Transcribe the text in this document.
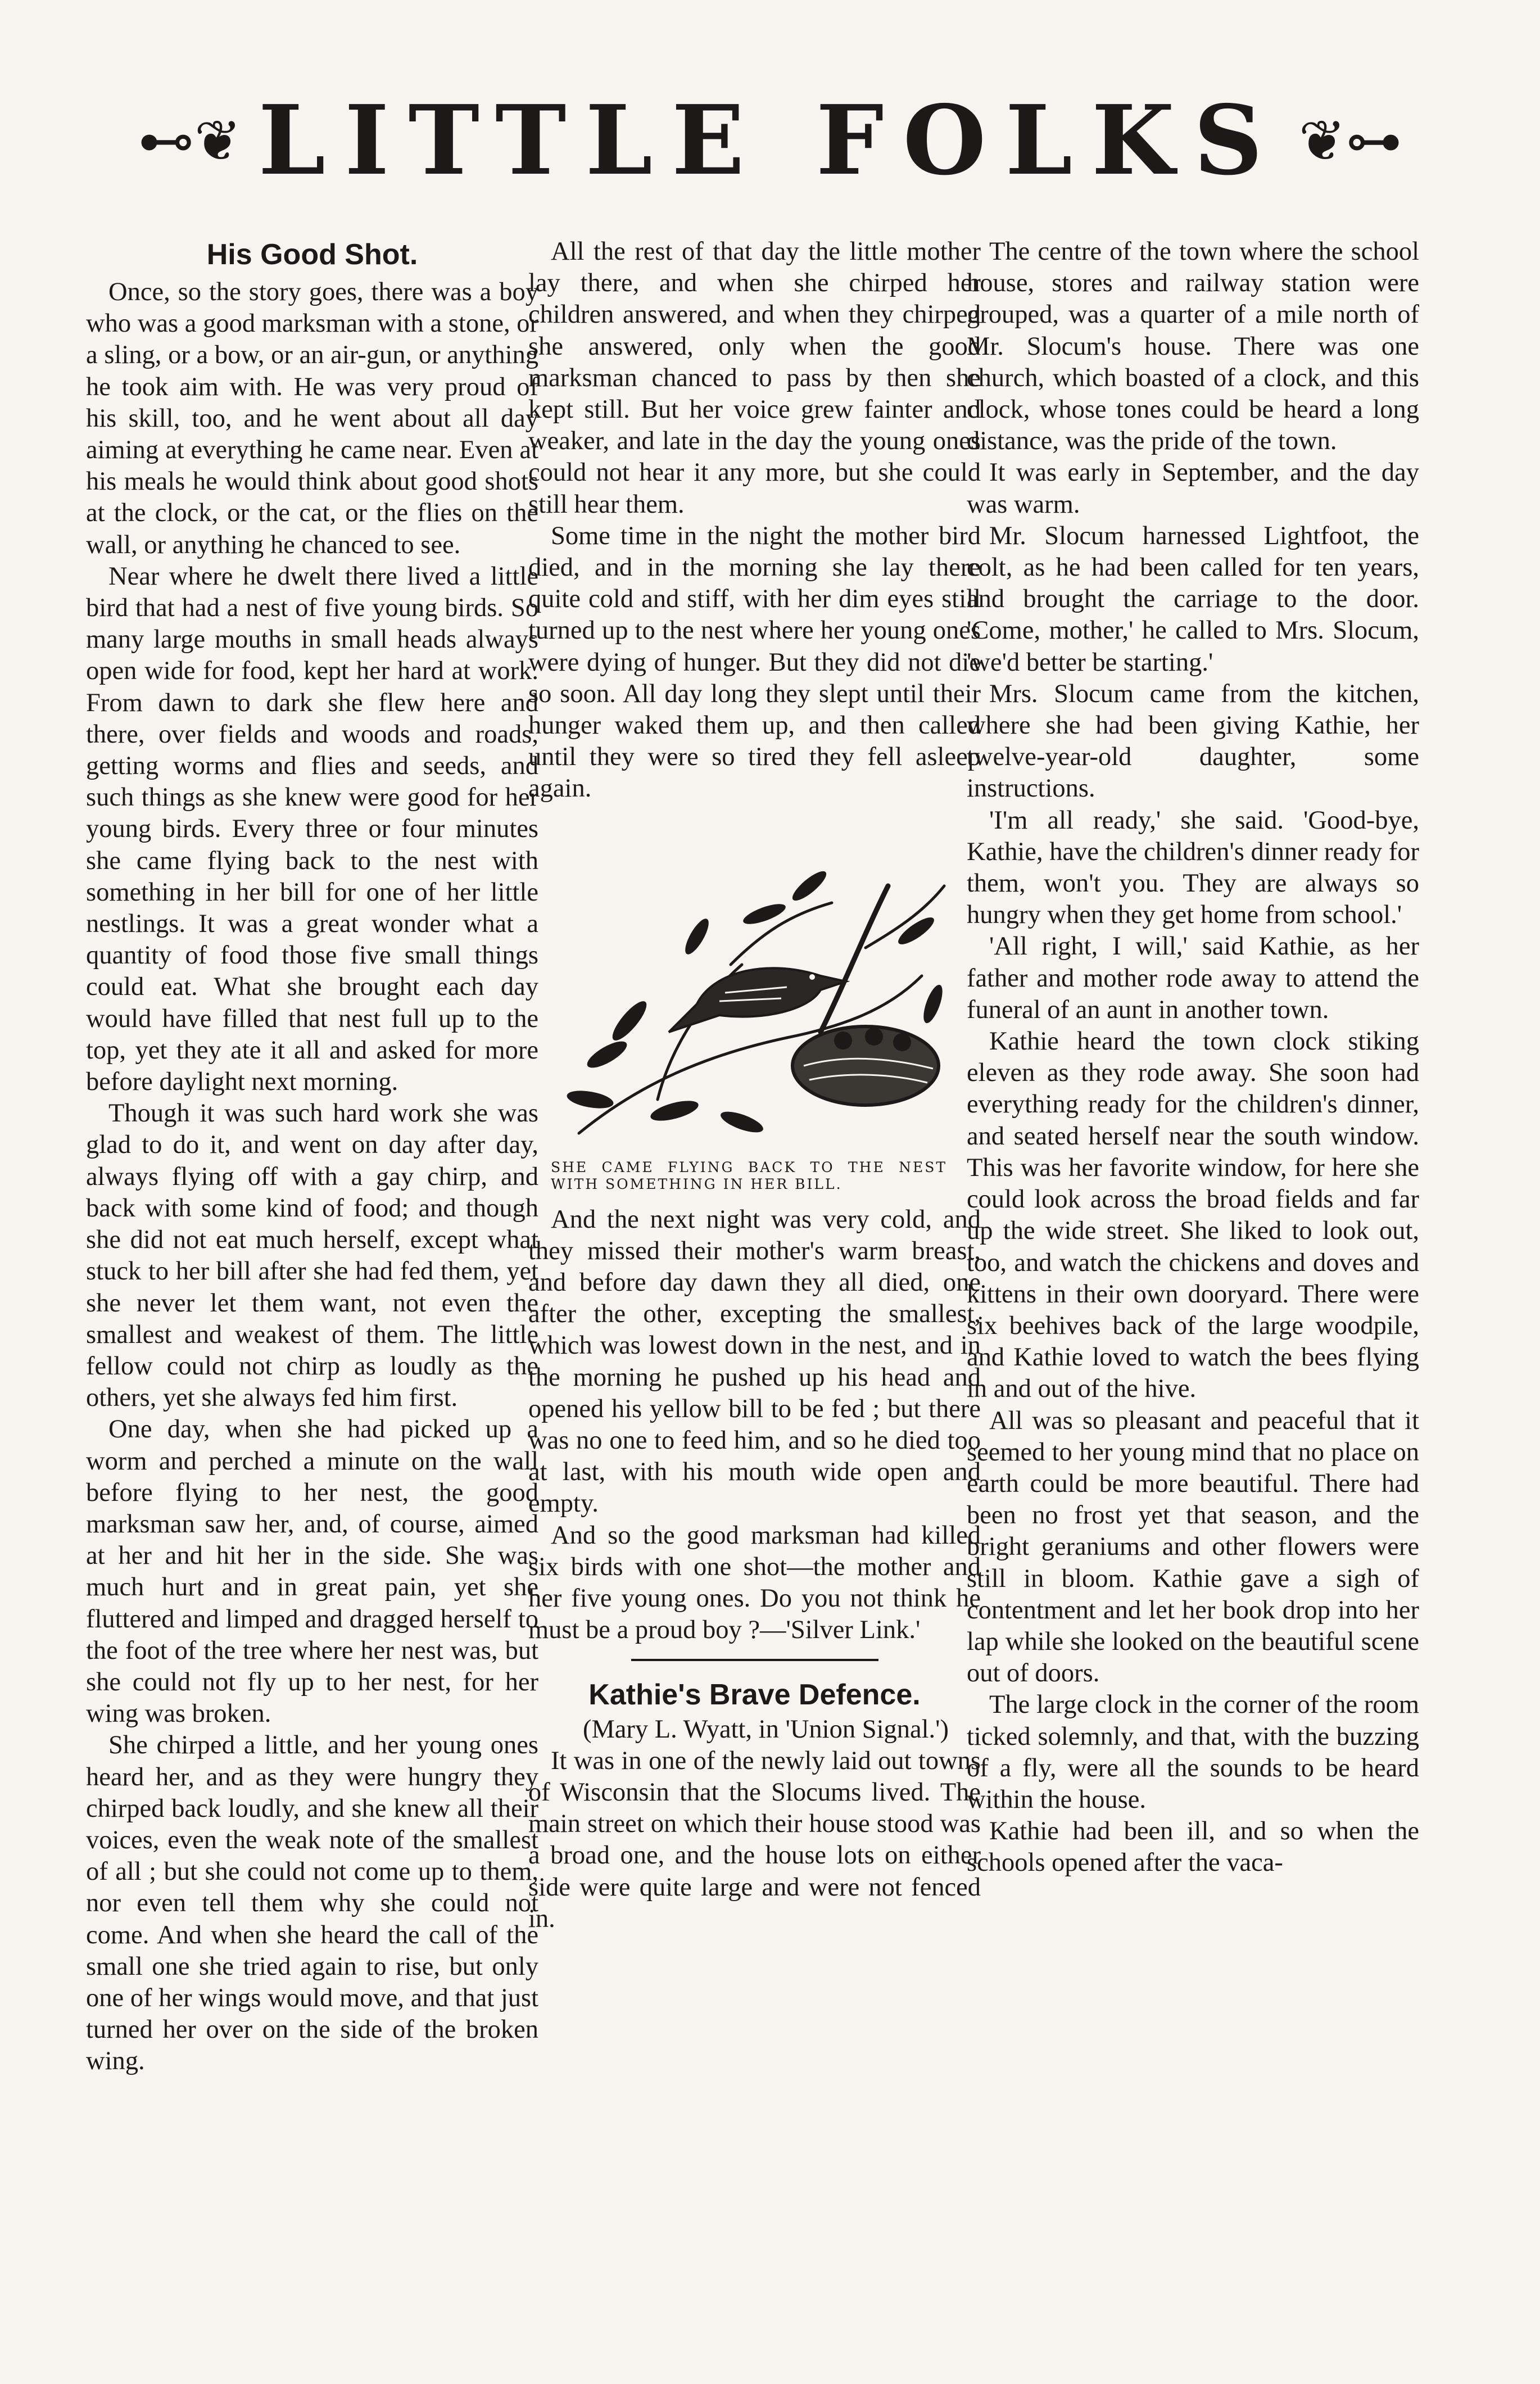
⊷❦ LITTLE FOLKS ❦⊶
His Good Shot.

Once, so the story goes, there was a boy who was a good marksman with a stone, or a sling, or a bow, or an air-gun, or anything he took aim with. He was very proud of his skill, too, and he went about all day aiming at everything he came near. Even at his meals he would think about good shots at the clock, or the cat, or the flies on the wall, or anything he chanced to see.

Near where he dwelt there lived a little bird that had a nest of five young birds. So many large mouths in small heads always open wide for food, kept her hard at work. From dawn to dark she flew here and there, over fields and woods and roads, getting worms and flies and seeds, and such things as she knew were good for her young birds. Every three or four minutes she came flying back to the nest with something in her bill for one of her little nestlings. It was a great wonder what a quantity of food those five small things could eat. What she brought each day would have filled that nest full up to the top, yet they ate it all and asked for more before daylight next morning.

Though it was such hard work she was glad to do it, and went on day after day, always flying off with a gay chirp, and back with some kind of food; and though she did not eat much herself, except what stuck to her bill after she had fed them, yet she never let them want, not even the smallest and weakest of them. The little fellow could not chirp as loudly as the others, yet she always fed him first.

One day, when she had picked up a worm and perched a minute on the wall before flying to her nest, the good marksman saw her, and, of course, aimed at her and hit her in the side. She was much hurt and in great pain, yet she fluttered and limped and dragged herself to the foot of the tree where her nest was, but she could not fly up to her nest, for her wing was broken.

She chirped a little, and her young ones heard her, and as they were hungry they chirped back loudly, and she knew all their voices, even the weak note of the smallest of all ; but she could not come up to them, nor even tell them why she could not come. And when she heard the call of the small one she tried again to rise, but only one of her wings would move, and that just turned her over on the side of the broken wing.

All the rest of that day the little mother lay there, and when she chirped her children answered, and when they chirped she answered, only when the good marksman chanced to pass by then she kept still. But her voice grew fainter and weaker, and late in the day the young ones could not hear it any more, but she could still hear them.

Some time in the night the mother bird died, and in the morning she lay there quite cold and stiff, with her dim eyes still turned up to the nest where her young ones were dying of hunger. But they did not die so soon. All day long they slept until their hunger waked them up, and then called until they were so tired they fell asleep again.

SHE CAME FLYING BACK TO THE NEST WITH SOMETHING IN HER BILL.

And the next night was very cold, and they missed their mother's warm breast, and before day dawn they all died, one after the other, excepting the smallest, which was lowest down in the nest, and in the morning he pushed up his head and opened his yellow bill to be fed ; but there was no one to feed him, and so he died too at last, with his mouth wide open and empty.

And so the good marksman had killed six birds with one shot—the mother and her five young ones. Do you not think he must be a proud boy ?—'Silver Link.'

Kathie's Brave Defence.

(Mary L. Wyatt, in 'Union Signal.')

It was in one of the newly laid out towns of Wisconsin that the Slocums lived. The main street on which their house stood was a broad one, and the house lots on either side were quite large and were not fenced in.

The centre of the town where the school house, stores and railway station were grouped, was a quarter of a mile north of Mr. Slocum's house. There was one church, which boasted of a clock, and this clock, whose tones could be heard a long distance, was the pride of the town.

It was early in September, and the day was warm.

Mr. Slocum harnessed Lightfoot, the colt, as he had been called for ten years, and brought the carriage to the door. 'Come, mother,' he called to Mrs. Slocum, 'we'd better be starting.'

Mrs. Slocum came from the kitchen, where she had been giving Kathie, her twelve-year-old daughter, some instructions.

'I'm all ready,' she said. 'Good-bye, Kathie, have the children's dinner ready for them, won't you. They are always so hungry when they get home from school.'

'All right, I will,' said Kathie, as her father and mother rode away to attend the funeral of an aunt in another town.

Kathie heard the town clock stiking eleven as they rode away. She soon had everything ready for the children's dinner, and seated herself near the south window. This was her favorite window, for here she could look across the broad fields and far up the wide street. She liked to look out, too, and watch the chickens and doves and kittens in their own dooryard. There were six beehives back of the large woodpile, and Kathie loved to watch the bees flying in and out of the hive.

All was so pleasant and peaceful that it seemed to her young mind that no place on earth could be more beautiful. There had been no frost yet that season, and the bright geraniums and other flowers were still in bloom. Kathie gave a sigh of contentment and let her book drop into her lap while she looked on the beautiful scene out of doors.

The large clock in the corner of the room ticked solemnly, and that, with the buzzing of a fly, were all the sounds to be heard within the house.

Kathie had been ill, and so when the schools opened after the vaca-
